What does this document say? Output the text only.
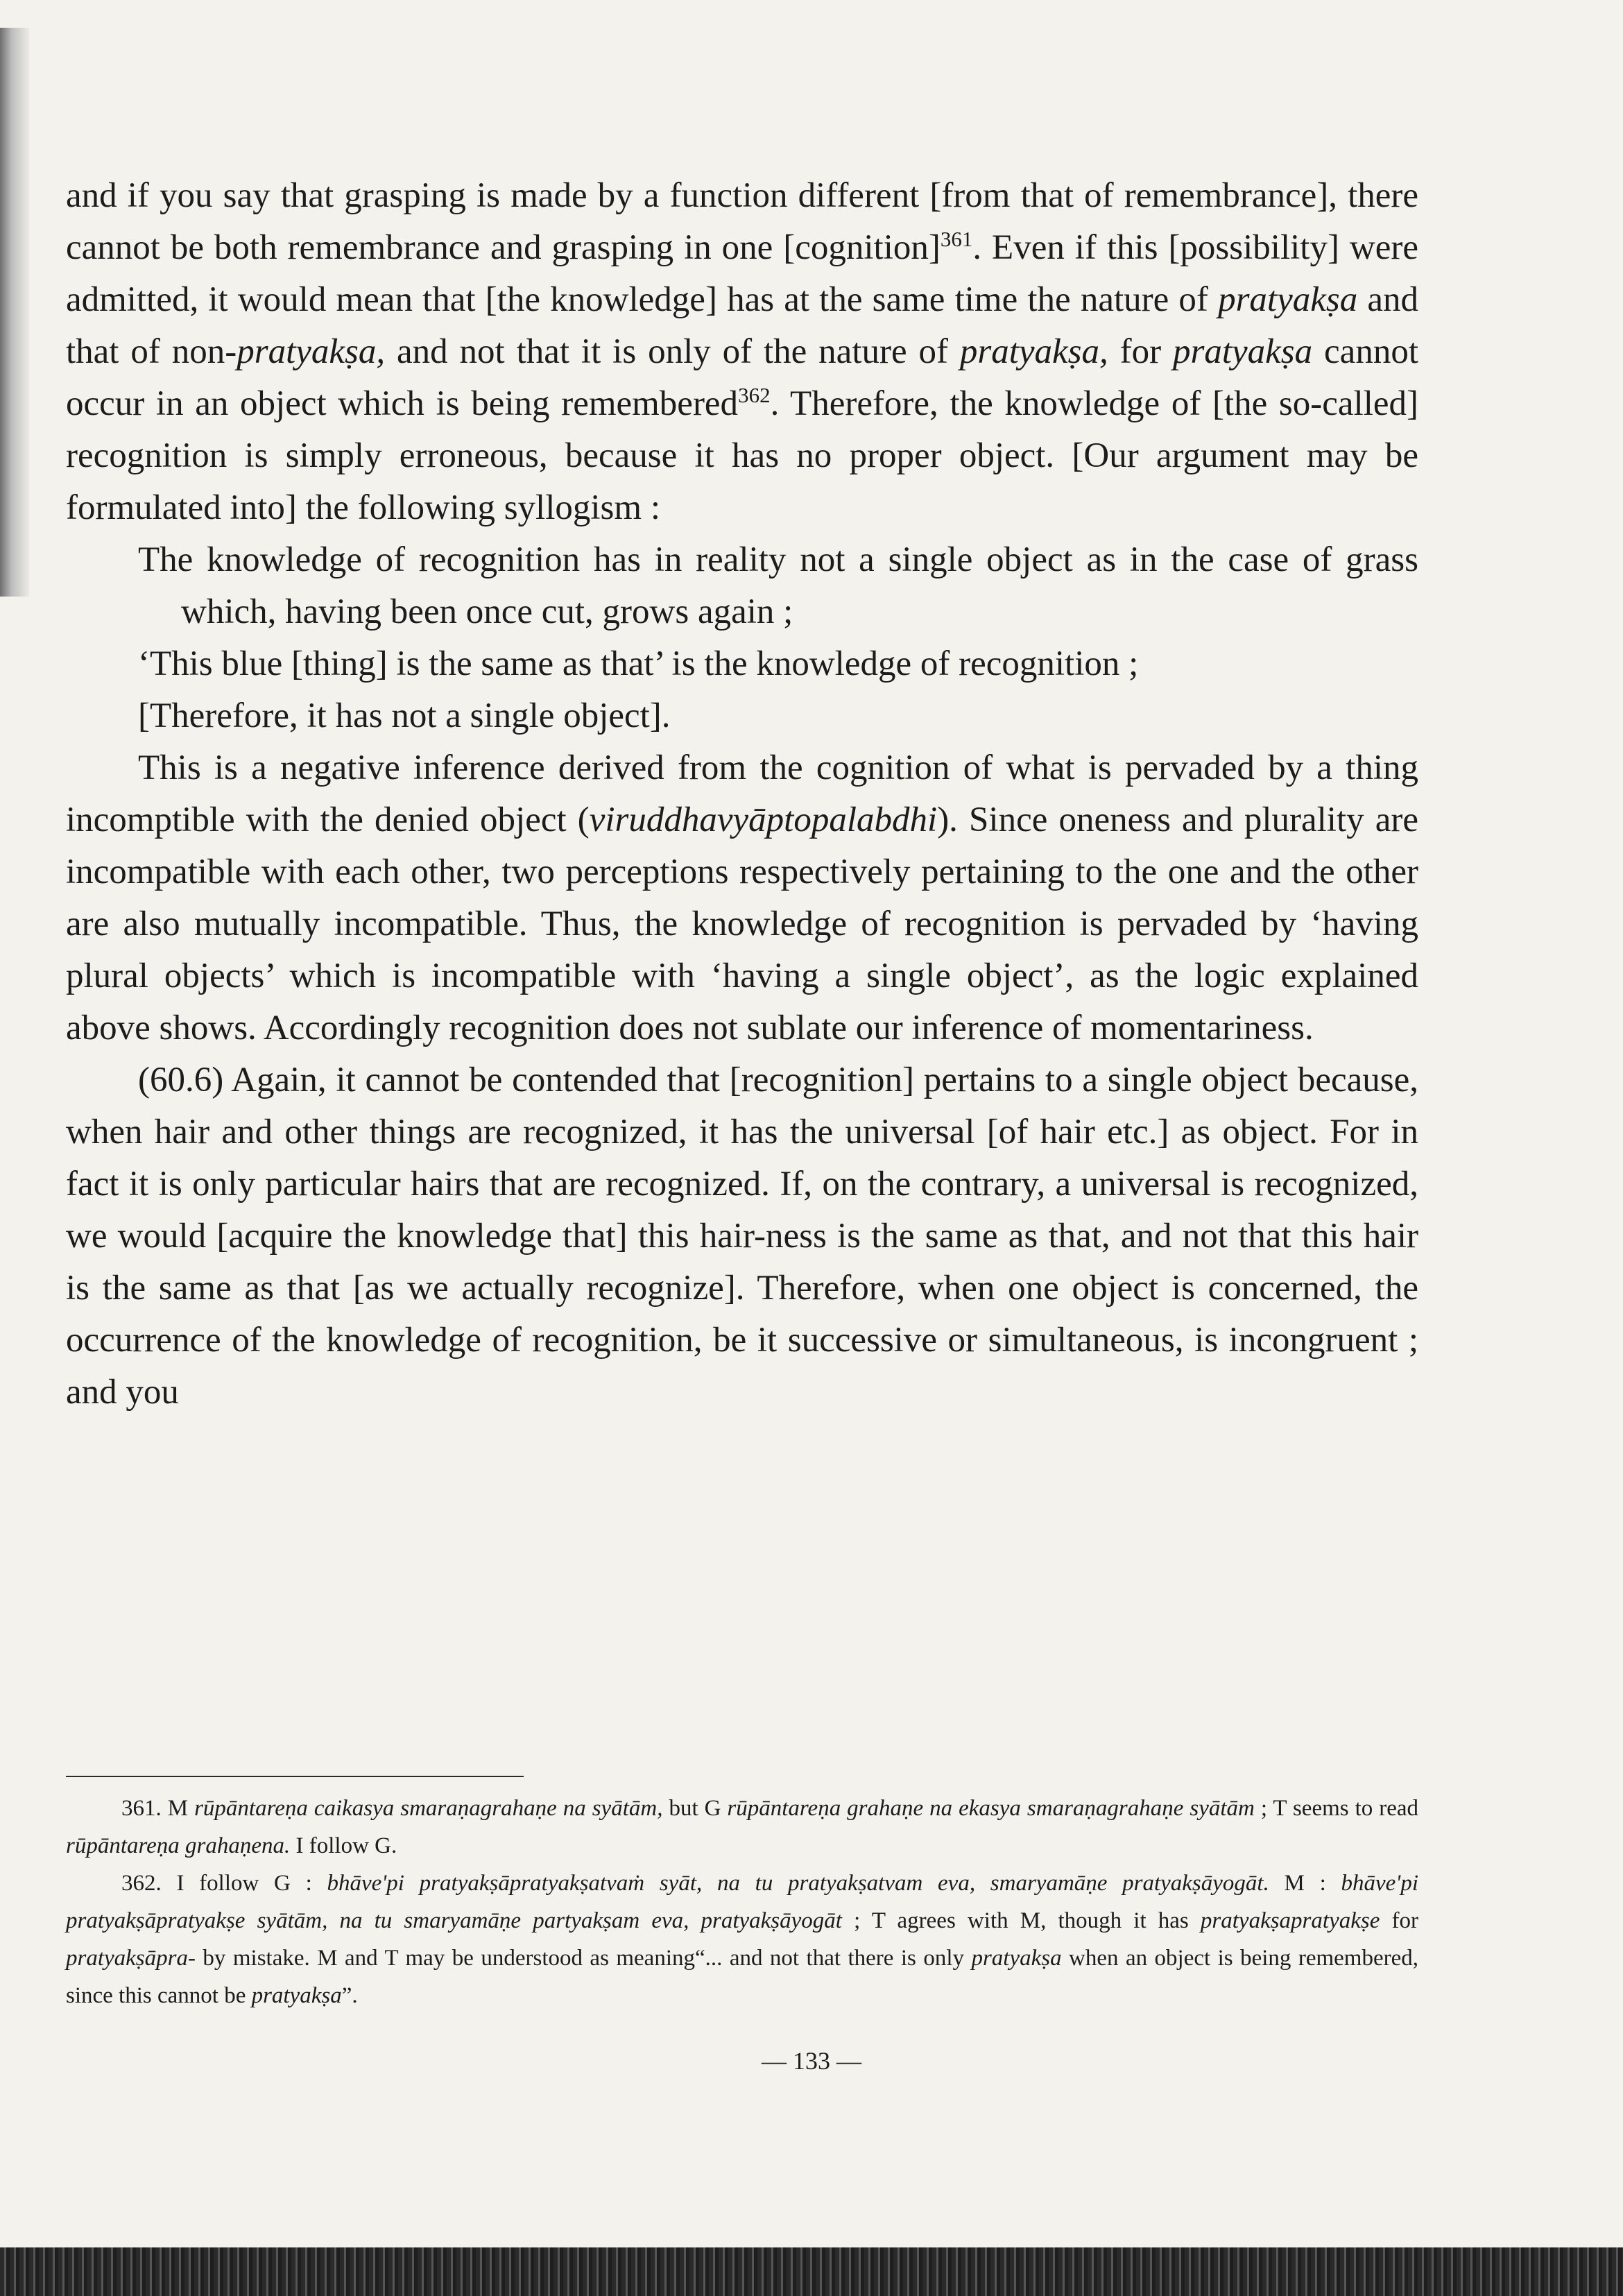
and if you say that grasping is made by a function different [from that of remembrance], there cannot be both remembrance and grasping in one [cognition]$^{361}$. Even if this [possibility] were admitted, it would mean that [the knowledge] has at the same time the nature of pratyakṣa and that of non-pratyakṣa, and not that it is only of the nature of pratyakṣa, for pratyakṣa cannot occur in an object which is being remembered$^{362}$. Therefore, the knowledge of [the so-called] recognition is simply erroneous, because it has no proper object. [Our argument may be formulated into] the following syllogism :

The knowledge of recognition has in reality not a single object as in the case of grass which, having been once cut, grows again ;

‘This blue [thing] is the same as that’ is the knowledge of recognition ;

[Therefore, it has not a single object].

This is a negative inference derived from the cognition of what is pervaded by a thing incomptible with the denied object (viruddhavyāptopalabdhi). Since oneness and plurality are incompatible with each other, two perceptions respectively pertaining to the one and the other are also mutually incompatible. Thus, the knowledge of recognition is pervaded by ‘having plural objects’ which is incompatible with ‘having a single object’, as the logic explained above shows. Accordingly recognition does not sublate our inference of momentariness.

(60.6) Again, it cannot be contended that [recognition] pertains to a single object because, when hair and other things are recognized, it has the universal [of hair etc.] as object. For in fact it is only particular hairs that are recognized. If, on the contrary, a universal is recognized, we would [acquire the knowledge that] this hair-ness is the same as that, and not that this hair is the same as that [as we actually recognize]. Therefore, when one object is concerned, the occurrence of the knowledge of recognition, be it successive or simultaneous, is incongruent ; and you

361. M rūpāntareṇa caikasya smaraṇagrahaṇe na syātām, but G rūpāntareṇa grahaṇe na ekasya smaraṇagrahaṇe syātām ; T seems to read rūpāntareṇa grahaṇena. I follow G.

362. I follow G : bhāve'pi pratyakṣāpratyakṣatvaṁ syāt, na tu pratyakṣatvam eva, smaryamāṇe pratyakṣāyogāt. M : bhāve'pi pratyakṣāpratyakṣe syātām, na tu smaryamāṇe partyakṣam eva, pratyakṣāyogāt ; T agrees with M, though it has pratyakṣapratyakṣe for pratyakṣāpra- by mistake. M and T may be understood as meaning“... and not that there is only pratyakṣa when an object is being remembered, since this cannot be pratyakṣa”.

— 133 —
